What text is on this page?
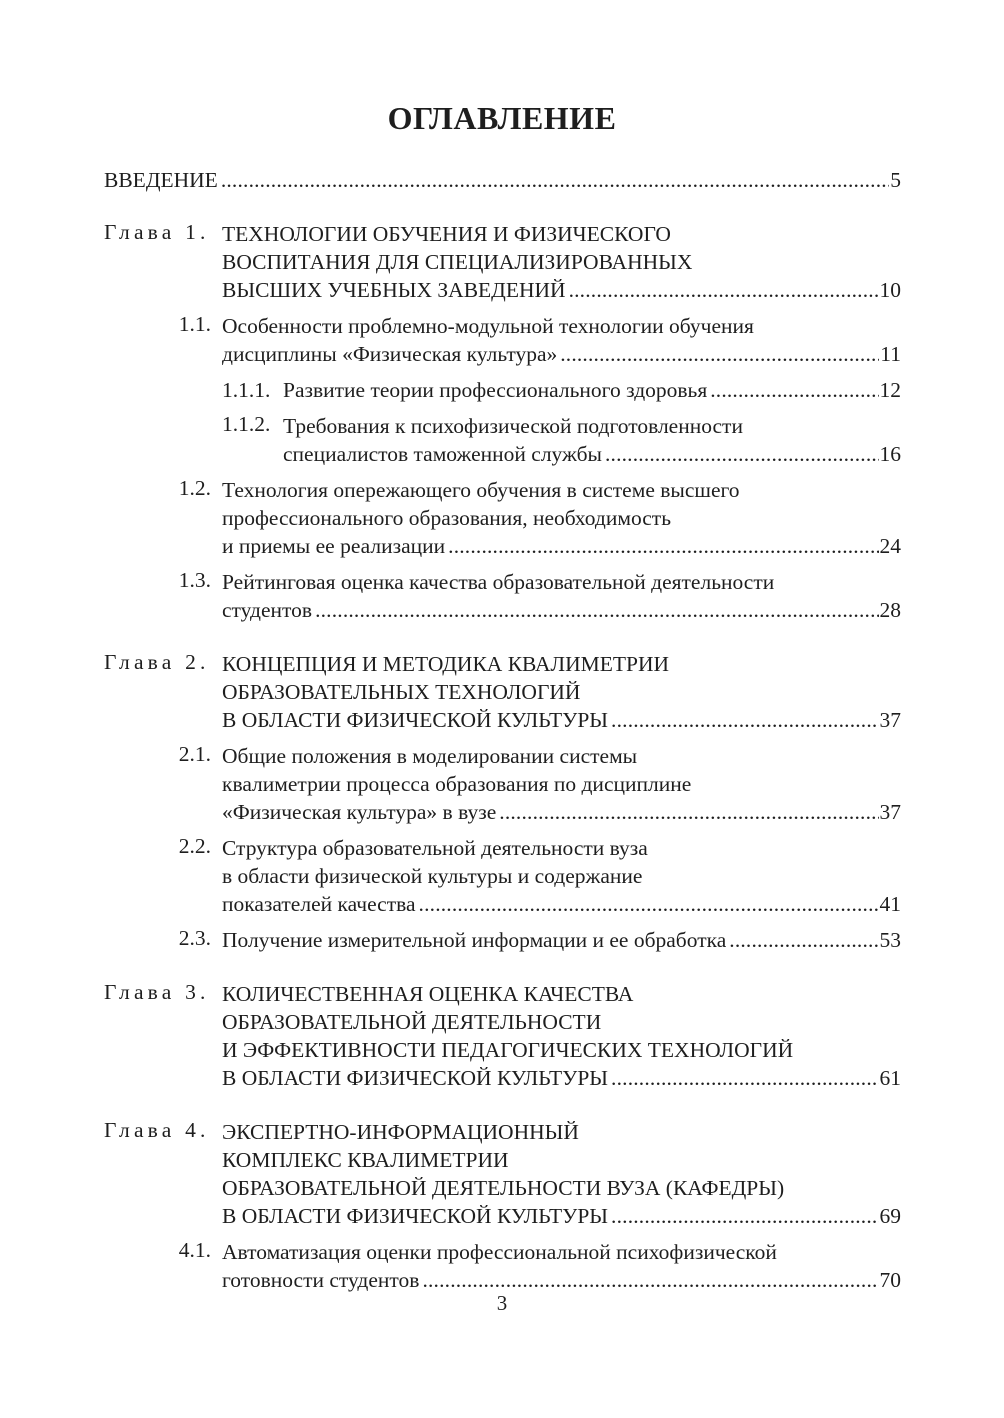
ОГЛАВЛЕНИЕ
ВВЕДЕНИЕ . . .	5
Глава 1. ТЕХНОЛОГИИ ОБУЧЕНИЯ И ФИЗИЧЕСКОГО
ВОСПИТАНИЯ ДЛЯ СПЕЦИАЛИЗИРОВАННЫХ
ВЫСШИХ УЧЕБНЫХ ЗАВЕДЕНИЙ . . .	10
1.1. Особенности проблемно-модульной технологии обучения
дисциплины «Физическая культура» . . .	11
1.1.1. Развитие теории профессионального здоровья . . .	12
1.1.2. Требования к психофизической подготовленности
специалистов таможенной службы . . .	16
1.2. Технология опережающего обучения в системе высшего
профессионального образования, необходимость
и приемы ее реализации . . .	24
1.3. Рейтинговая оценка качества образовательной деятельности
студентов . . .	28
Глава 2. КОНЦЕПЦИЯ И МЕТОДИКА КВАЛИМЕТРИИ
ОБРАЗОВАТЕЛЬНЫХ ТЕХНОЛОГИЙ
В ОБЛАСТИ ФИЗИЧЕСКОЙ КУЛЬТУРЫ . . .	37
2.1. Общие положения в моделировании системы
квалиметрии процесса образования по дисциплине
«Физическая культура» в вузе . . .	37
2.2. Структура образовательной деятельности вуза
в области физической культуры и содержание
показателей качества . . .	41
2.3. Получение измерительной информации и ее обработка . . .	53
Глава 3. КОЛИЧЕСТВЕННАЯ ОЦЕНКА КАЧЕСТВА
ОБРАЗОВАТЕЛЬНОЙ ДЕЯТЕЛЬНОСТИ
И ЭФФЕКТИВНОСТИ ПЕДАГОГИЧЕСКИХ ТЕХНОЛОГИЙ
В ОБЛАСТИ ФИЗИЧЕСКОЙ КУЛЬТУРЫ . . .	61
Глава 4. ЭКСПЕРТНО-ИНФОРМАЦИОННЫЙ
КОМПЛЕКС КВАЛИМЕТРИИ
ОБРАЗОВАТЕЛЬНОЙ ДЕЯТЕЛЬНОСТИ ВУЗА (КАФЕДРЫ)
В ОБЛАСТИ ФИЗИЧЕСКОЙ КУЛЬТУРЫ . . .	69
4.1. Автоматизация оценки профессиональной психофизической
готовности студентов . . .	70
3
